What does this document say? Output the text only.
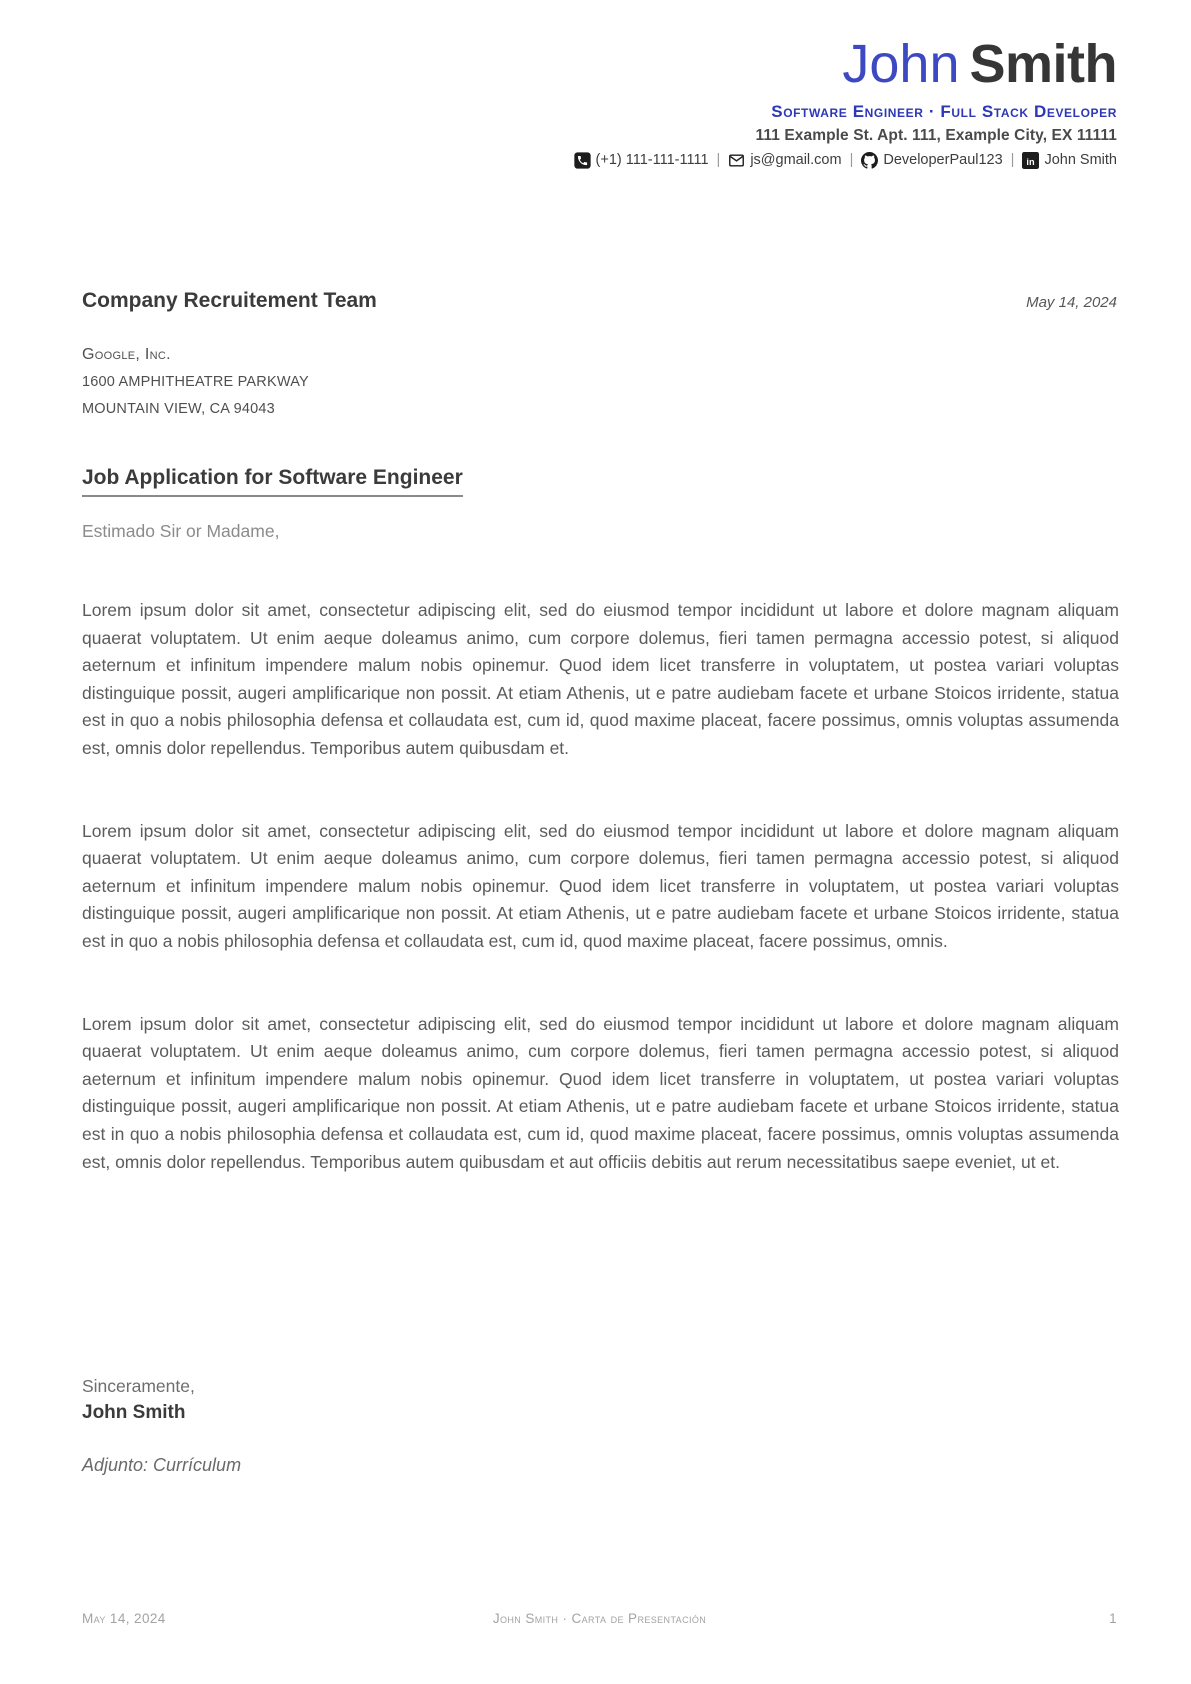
John Smith
Software Engineer · Full Stack Developer
111 Example St. Apt. 111, Example City, EX 11111
(+1) 111-111-1111 | js@gmail.com | DeveloperPaul123 | in John Smith
Company Recruitement Team	May 14, 2024
Google, Inc.
1600 AMPHITHEATRE PARKWAY
MOUNTAIN VIEW, CA 94043
Job Application for Software Engineer
Estimado Sir or Madame,

Lorem ipsum dolor sit amet, consectetur adipiscing elit, sed do eiusmod tempor incididunt ut labore et dolore magnam aliquam quaerat voluptatem. Ut enim aeque doleamus animo, cum corpore dolemus, fieri tamen permagna accessio potest, si aliquod aeternum et infinitum impendere malum nobis opinemur. Quod idem licet transferre in voluptatem, ut postea variari voluptas distinguique possit, augeri amplificarique non possit. At etiam Athenis, ut e patre audiebam facete et urbane Stoicos irridente, statua est in quo a nobis philosophia defensa et collaudata est, cum id, quod maxime placeat, facere possimus, omnis voluptas assumenda est, omnis dolor repellendus. Temporibus autem quibusdam et.

Lorem ipsum dolor sit amet, consectetur adipiscing elit, sed do eiusmod tempor incididunt ut labore et dolore magnam aliquam quaerat voluptatem. Ut enim aeque doleamus animo, cum corpore dolemus, fieri tamen permagna accessio potest, si aliquod aeternum et infinitum impendere malum nobis opinemur. Quod idem licet transferre in voluptatem, ut postea variari voluptas distinguique possit, augeri amplificarique non possit. At etiam Athenis, ut e patre audiebam facete et urbane Stoicos irridente, statua est in quo a nobis philosophia defensa et collaudata est, cum id, quod maxime placeat, facere possimus, omnis.

Lorem ipsum dolor sit amet, consectetur adipiscing elit, sed do eiusmod tempor incididunt ut labore et dolore magnam aliquam quaerat voluptatem. Ut enim aeque doleamus animo, cum corpore dolemus, fieri tamen permagna accessio potest, si aliquod aeternum et infinitum impendere malum nobis opinemur. Quod idem licet transferre in voluptatem, ut postea variari voluptas distinguique possit, augeri amplificarique non possit. At etiam Athenis, ut e patre audiebam facete et urbane Stoicos irridente, statua est in quo a nobis philosophia defensa et collaudata est, cum id, quod maxime placeat, facere possimus, omnis voluptas assumenda est, omnis dolor repellendus. Temporibus autem quibusdam et aut officiis debitis aut rerum necessitatibus saepe eveniet, ut et.

Sinceramente,
John Smith
Adjunto: Currículum
May 14, 2024	John Smith · Carta de Presentación	1
